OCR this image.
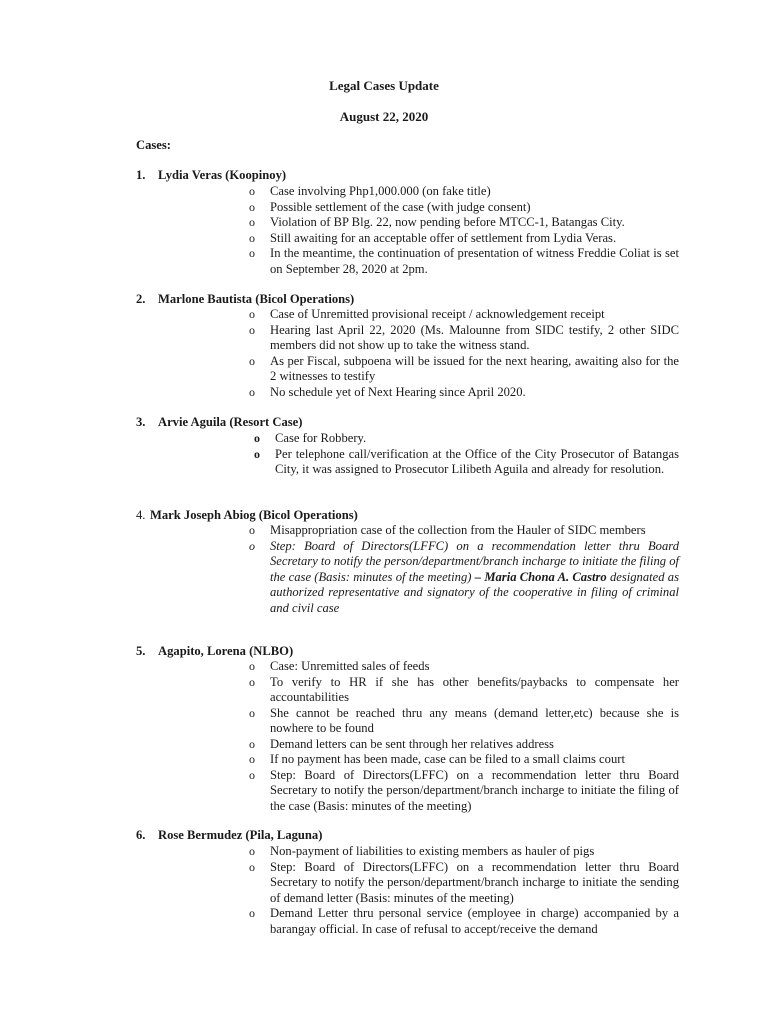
Legal Cases Update
August 22, 2020
Cases:
1. Lydia Veras (Koopinoy)
o Case involving Php1,000.000 (on fake title)
o Possible settlement of the case (with judge consent)
o Violation of BP Blg. 22, now pending before MTCC-1, Batangas City.
o Still awaiting for an acceptable offer of settlement from Lydia Veras.
o In the meantime, the continuation of presentation of witness Freddie Coliat is set on September 28, 2020 at 2pm.
2. Marlone Bautista (Bicol Operations)
o Case of Unremitted provisional receipt / acknowledgement receipt
o Hearing last April 22, 2020 (Ms. Malounne from SIDC testify, 2 other SIDC members did not show up to take the witness stand.
o As per Fiscal, subpoena will be issued for the next hearing, awaiting also for the 2 witnesses to testify
o No schedule yet of Next Hearing since April 2020.
3. Arvie Aguila (Resort Case)
o Case for Robbery.
o Per telephone call/verification at the Office of the City Prosecutor of Batangas City, it was assigned to Prosecutor Lilibeth Aguila and already for resolution.
4. Mark Joseph Abiog (Bicol Operations)
o Misappropriation case of the collection from the Hauler of SIDC members
o Step: Board of Directors(LFFC) on a recommendation letter thru Board Secretary to notify the person/department/branch incharge to initiate the filing of the case (Basis: minutes of the meeting) – Maria Chona A. Castro designated as authorized representative and signatory of the cooperative in filing of criminal and civil case
5. Agapito, Lorena (NLBO)
o Case: Unremitted sales of feeds
o To verify to HR if she has other benefits/paybacks to compensate her accountabilities
o She cannot be reached thru any means (demand letter,etc) because she is nowhere to be found
o Demand letters can be sent through her relatives address
o If no payment has been made, case can be filed to a small claims court
o Step: Board of Directors(LFFC) on a recommendation letter thru Board Secretary to notify the person/department/branch incharge to initiate the filing of the case (Basis: minutes of the meeting)
6. Rose Bermudez (Pila, Laguna)
o Non-payment of liabilities to existing members as hauler of pigs
o Step: Board of Directors(LFFC) on a recommendation letter thru Board Secretary to notify the person/department/branch incharge to initiate the sending of demand letter (Basis: minutes of the meeting)
o Demand Letter thru personal service (employee in charge) accompanied by a barangay official. In case of refusal to accept/receive the demand
